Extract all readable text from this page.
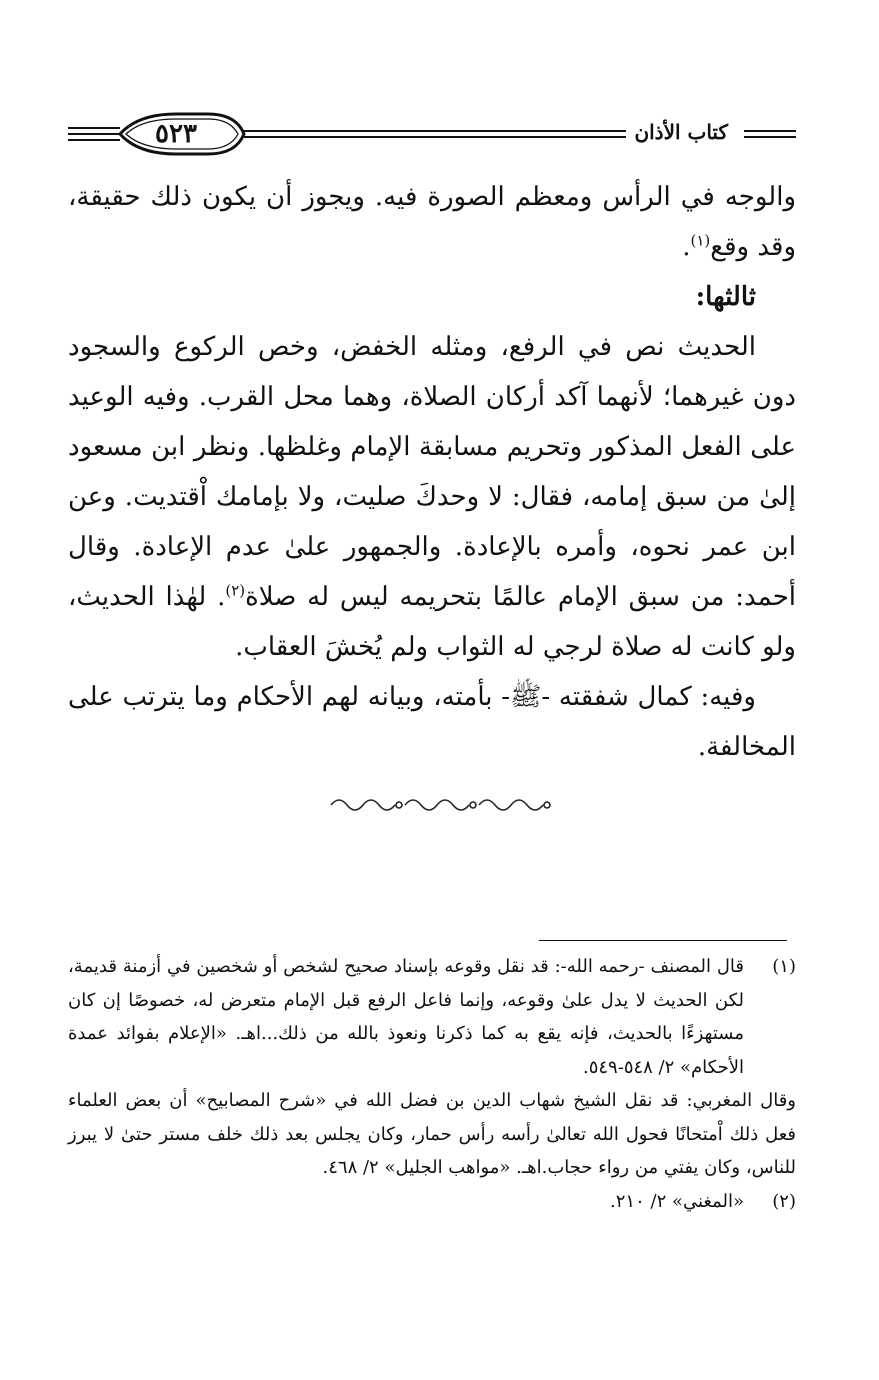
٥٢٣	كتاب الأذان

والوجه في الرأس ومعظم الصورة فيه. ويجوز أن يكون ذلك حقيقة، وقد وقع$^{(١)}$.

ثالثها:

الحديث نص في الرفع، ومثله الخفض، وخص الركوع والسجود دون غيرهما؛ لأنهما آكد أركان الصلاة، وهما محل القرب. وفيه الوعيد على الفعل المذكور وتحريم مسابقة الإمام وغلظها. ونظر ابن مسعود إلىٰ من سبق إمامه، فقال: لا وحدكَ صليت، ولا بإمامك اْقتديت. وعن ابن عمر نحوه، وأمره بالإعادة. والجمهور علىٰ عدم الإعادة. وقال أحمد: من سبق الإمام عالمًا بتحريمه ليس له صلاة$^{(٢)}$. لهٰذا الحديث، ولو كانت له صلاة لرجي له الثواب ولم يُخشَ العقاب.

وفيه: كمال شفقته -ﷺ- بأمته، وبيانه لهم الأحكام وما يترتب على المخالفة.

(١)

قال المصنف -رحمه الله-: قد نقل وقوعه بإسناد صحيح لشخص أو شخصين في أزمنة قديمة، لكن الحديث لا يدل علىٰ وقوعه، وإنما فاعل الرفع قبل الإمام متعرض له، خصوصًا إن كان مستهزءًا بالحديث، فإنه يقع به كما ذكرنا ونعوذ بالله من ذلك...اهـ. «الإعلام بفوائد عمدة الأحكام» ٢/ ٥٤٨-٥٤٩.

وقال المغربي: قد نقل الشيخ شهاب الدين بن فضل الله في «شرح المصابيح» أن بعض العلماء فعل ذلك اْمتحانًا فحول الله تعالىٰ رأسه رأس حمار، وكان يجلس بعد ذلك خلف مستر حتىٰ لا يبرز للناس، وكان يفتي من رواء حجاب.اهـ. «مواهب الجليل» ٢/ ٤٦٨.

(٢)

«المغني» ٢/ ٢١٠.
